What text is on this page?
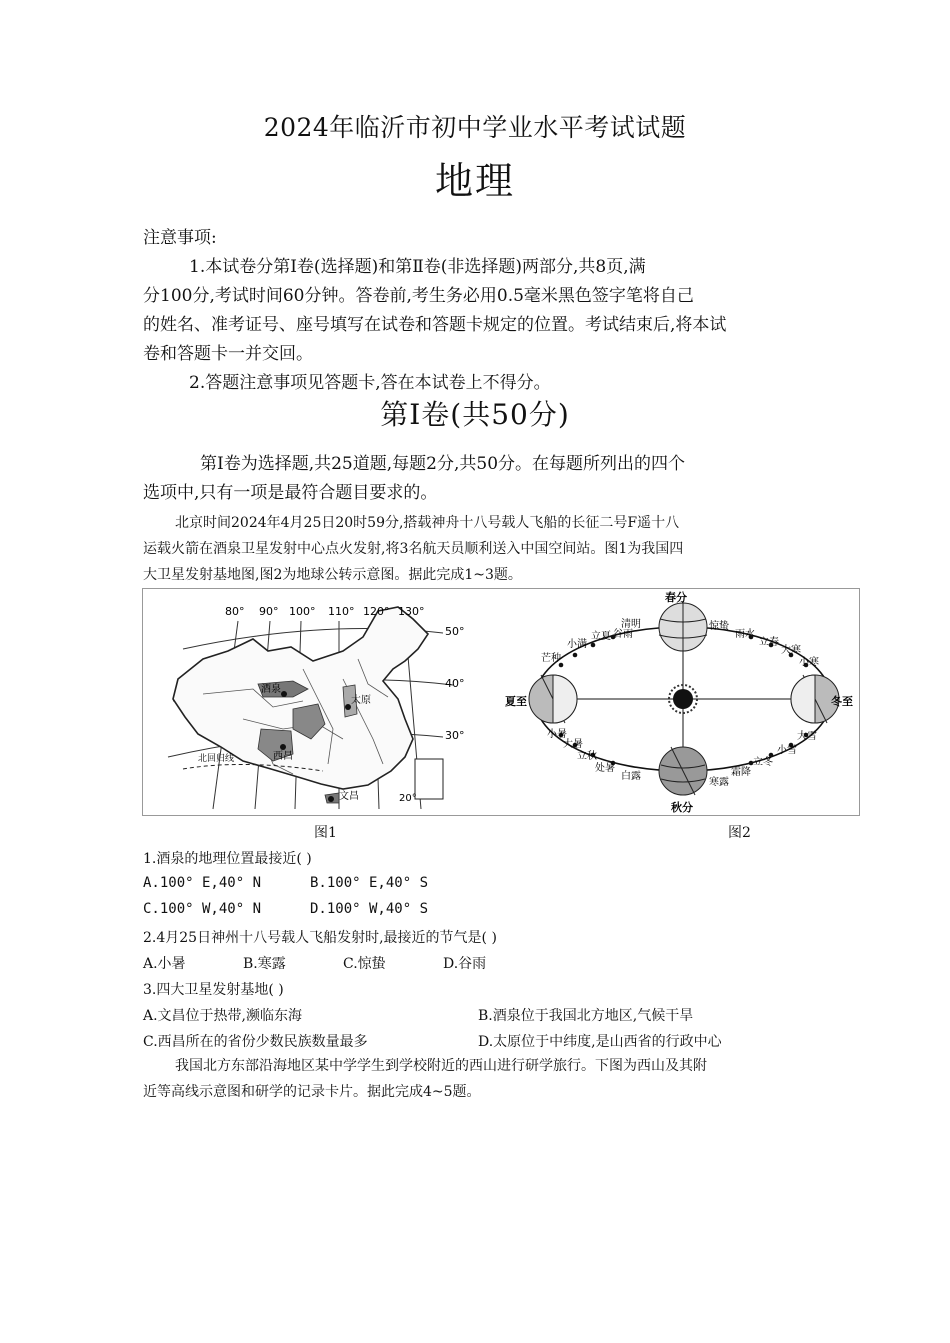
2024年临沂市初中学业水平考试试题
地理
注意事项:
1.本试卷分第Ⅰ卷(选择题)和第Ⅱ卷(非选择题)两部分,共8页,满
分100分,考试时间60分钟。答卷前,考生务必用0.5毫米黑色签字笔将自己
的姓名、准考证号、座号填写在试卷和答题卡规定的位置。考试结束后,将本试
卷和答题卡一并交回。
2.答题注意事项见答题卡,答在本试卷上不得分。
第Ⅰ卷(共50分)
第Ⅰ卷为选择题,共25道题,每题2分,共50分。在每题所列出的四个
选项中,只有一项是最符合题目要求的。
北京时间2024年4月25日20时59分,搭载神舟十八号载人飞船的长征二号F遥十八
运载火箭在酒泉卫星发射中心点火发射,将3名航天员顺利送入中国空间站。图1为我国四
大卫星发射基地图,图2为地球公转示意图。据此完成1~3题。
80° 90° 100° 110° 120° 130°
50°
40°
30°
20°
酒泉
太原
西昌
文昌
北回归线
春分
夏至	冬至
秋分
清明
谷雨
立夏
小满
芒种
惊蛰
雨水
立春
大寒
小寒
小暑
大暑
立秋
处暑
白露
寒露
霜降
立冬
小雪
大雪
图1	图2
1.酒泉的地理位置最接近( )
A.100° E,40° N	B.100° E,40° S
C.100° W,40° N	D.100° W,40° S
2.4月25日神州十八号载人飞船发射时,最接近的节气是( )
A.小暑	B.寒露	C.惊蛰	D.谷雨
3.四大卫星发射基地( )
A.文昌位于热带,濒临东海	B.酒泉位于我国北方地区,气候干旱
C.西昌所在的省份少数民族数量最多	D.太原位于中纬度,是山西省的行政中心
我国北方东部沿海地区某中学学生到学校附近的西山进行研学旅行。下图为西山及其附
近等高线示意图和研学的记录卡片。据此完成4~5题。
